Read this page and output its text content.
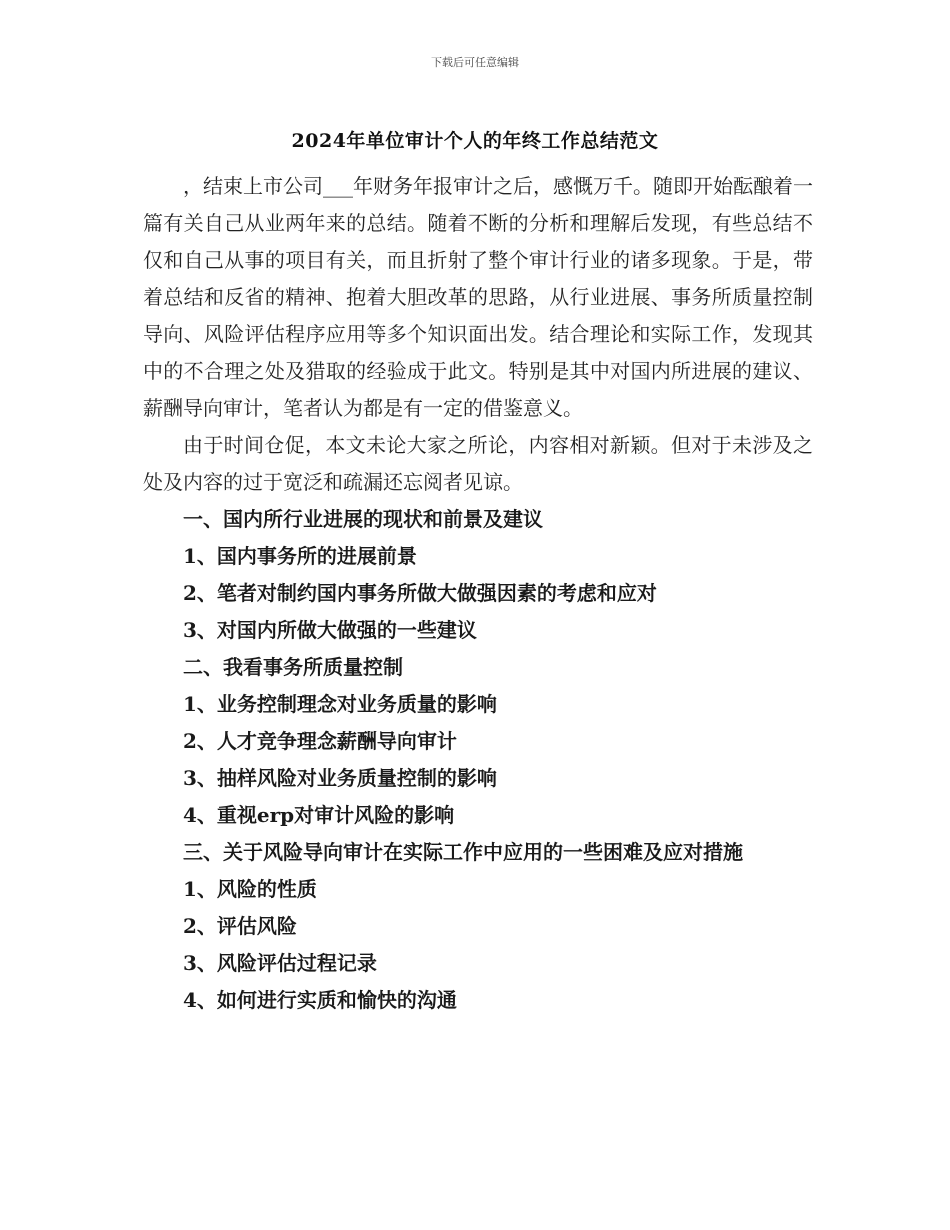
下载后可任意编辑
2024年单位审计个人的年终工作总结范文

，结束上市公司___年财务年报审计之后，感慨万千。随即开始酝酿着一篇有关自己从业两年来的总结。随着不断的分析和理解后发现，有些总结不仅和自己从事的项目有关，而且折射了整个审计行业的诸多现象。于是，带着总结和反省的精神、抱着大胆改革的思路，从行业进展、事务所质量控制导向、风险评估程序应用等多个知识面出发。结合理论和实际工作，发现其中的不合理之处及猎取的经验成于此文。特别是其中对国内所进展的建议、薪酬导向审计，笔者认为都是有一定的借鉴意义。

由于时间仓促，本文未论大家之所论，内容相对新颖。但对于未涉及之处及内容的过于宽泛和疏漏还忘阅者见谅。

一、国内所行业进展的现状和前景及建议
1、国内事务所的进展前景
2、笔者对制约国内事务所做大做强因素的考虑和应对
3、对国内所做大做强的一些建议
二、我看事务所质量控制
1、业务控制理念对业务质量的影响
2、人才竞争理念薪酬导向审计
3、抽样风险对业务质量控制的影响
4、重视erp对审计风险的影响
三、关于风险导向审计在实际工作中应用的一些困难及应对措施
1、风险的性质
2、评估风险
3、风险评估过程记录
4、如何进行实质和愉快的沟通
